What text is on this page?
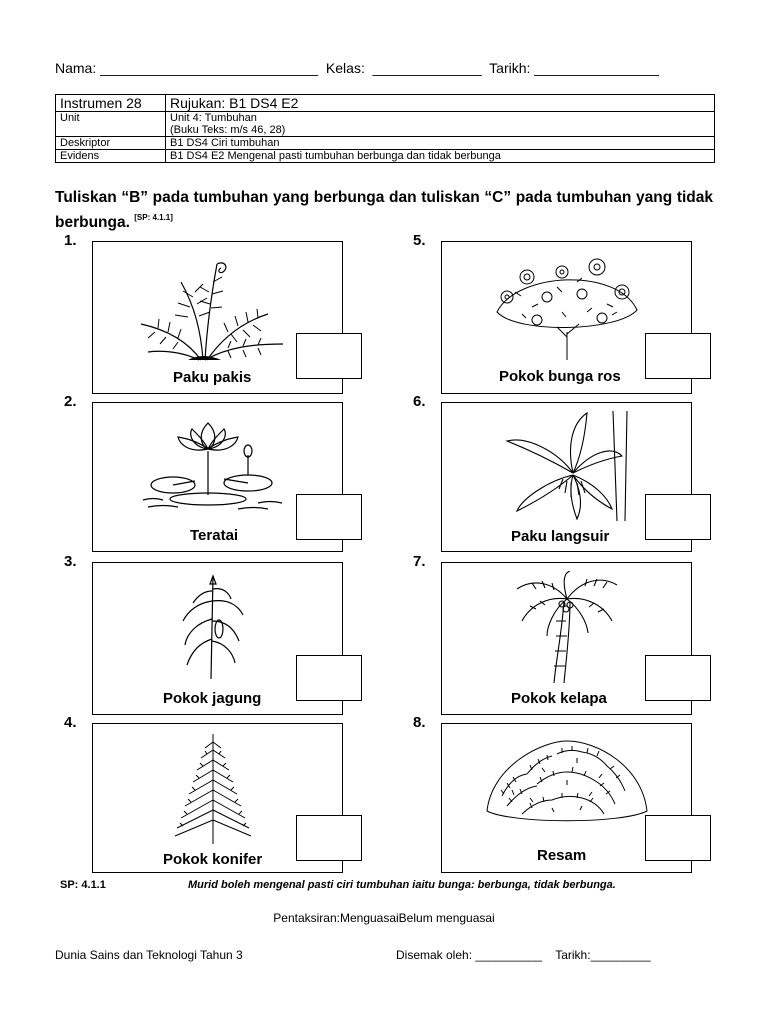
Nama: ____________________________ Kelas: ______________ Tarikh: ________________
Instrumen 28	Rujukan: B1 DS4 E2
Unit	Unit 4: Tumbuhan
(Buku Teks: m/s 46, 28)

Deskriptor	B1 DS4 Ciri tumbuhan
Evidens	B1 DS4 E2 Mengenal pasti tumbuhan berbunga dan tidak berbunga
Tuliskan “B” pada tumbuhan yang berbunga dan tuliskan “C” pada tumbuhan yang tidak berbunga. [SP: 4.1.1]
1.
Paku pakis
2.
Teratai
3.
Pokok jagung
4.
Pokok konifer
5.
Pokok bunga ros
6.
Paku langsuir
7.
Pokok kelapa
8.
Resam
SP: 4.1.1	Murid boleh mengenal pasti ciri tumbuhan iaitu bunga: berbunga, tidak berbunga.
Pentaksiran:MenguasaiBelum menguasai
Dunia Sains dan Teknologi Tahun 3	Disemak oleh: __________    Tarikh:_________
